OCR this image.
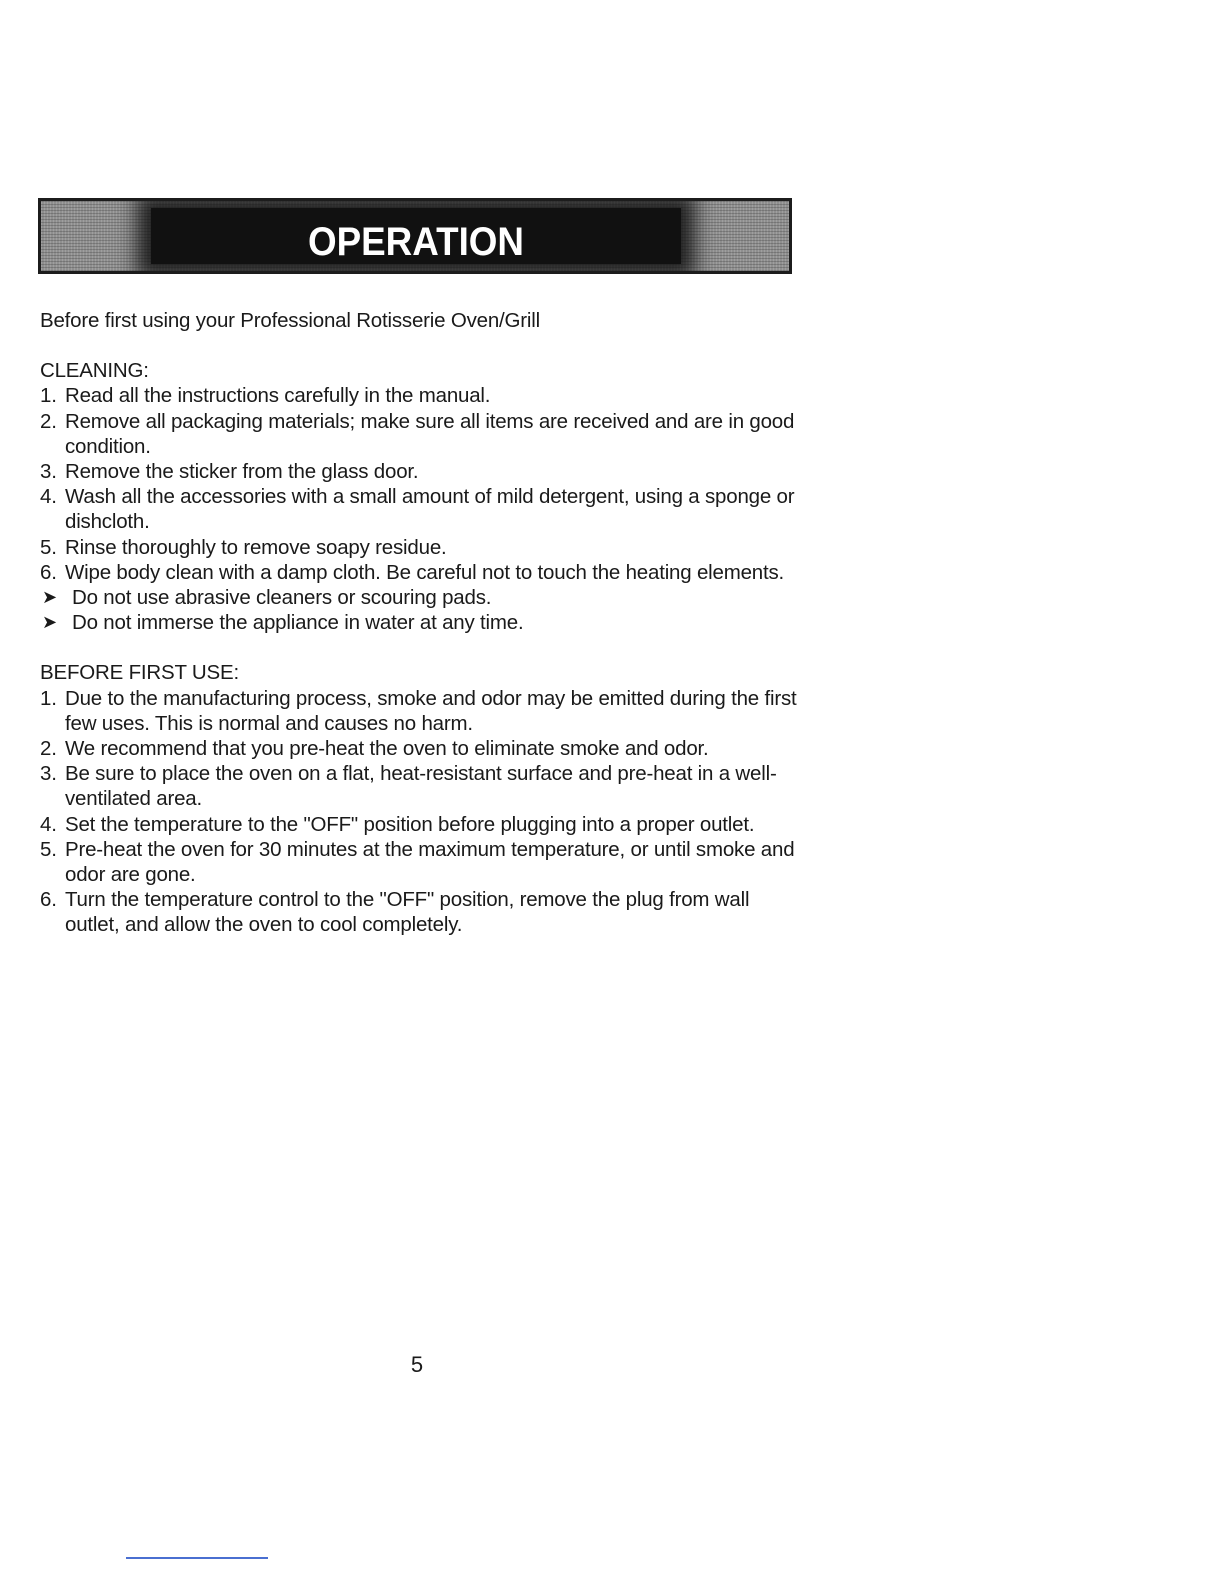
OPERATION

Before first using your Professional Rotisserie Oven/Grill

CLEANING:

1. Read all the instructions carefully in the manual.
2. Remove all packaging materials; make sure all items are received and are in good condition.
3. Remove the sticker from the glass door.
4. Wash all the accessories with a small amount of mild detergent, using a sponge or dishcloth.
5. Rinse thoroughly to remove soapy residue.
6. Wipe body clean with a damp cloth. Be careful not to touch the heating elements.

➤ Do not use abrasive cleaners or scouring pads.

➤ Do not immerse the appliance in water at any time.

BEFORE FIRST USE:

1. Due to the manufacturing process, smoke and odor may be emitted during the first few uses. This is normal and causes no harm.
2. We recommend that you pre-heat the oven to eliminate smoke and odor.
3. Be sure to place the oven on a flat, heat-resistant surface and pre-heat in a well-ventilated area.
4. Set the temperature to the "OFF" position before plugging into a proper outlet.
5. Pre-heat the oven for 30 minutes at the maximum temperature, or until smoke and odor are gone.
6. Turn the temperature control to the "OFF" position, remove the plug from wall outlet, and allow the oven to cool completely.
5
